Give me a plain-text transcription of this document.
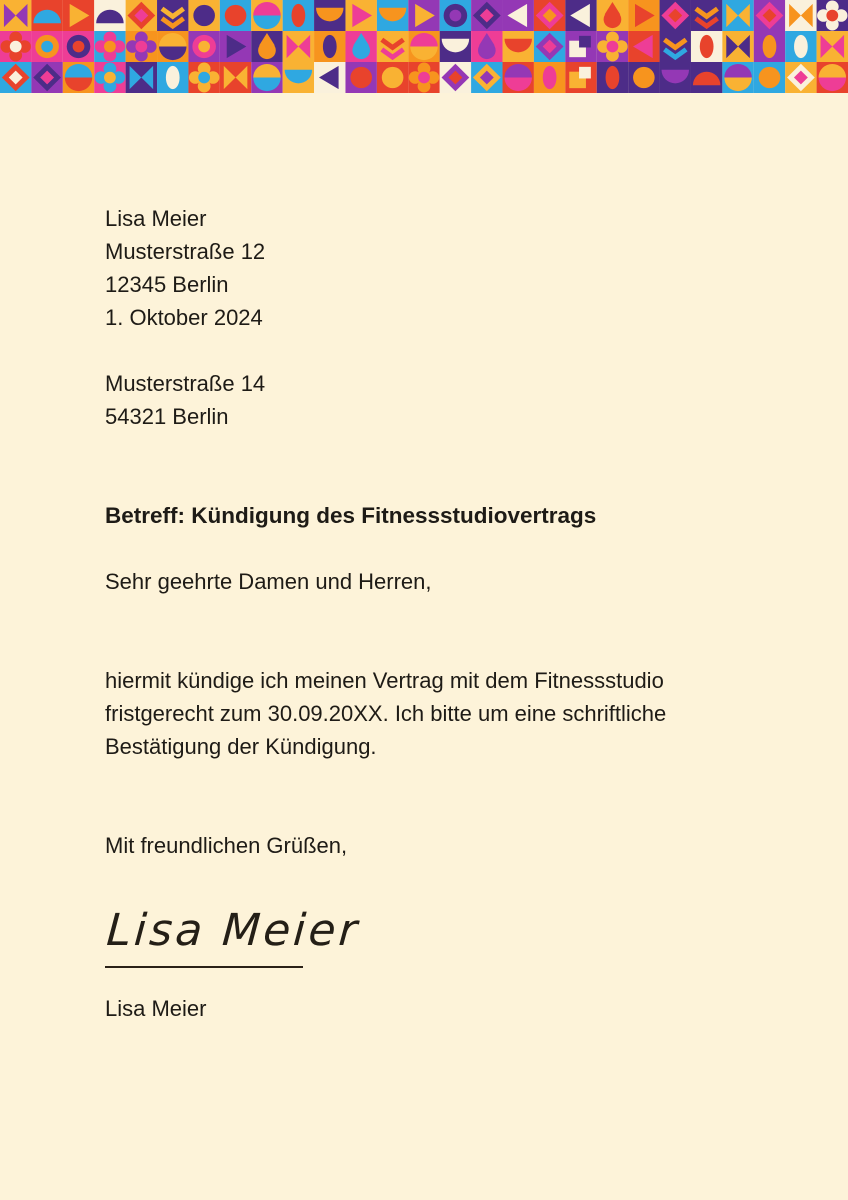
Lisa Meier
Musterstraße 12
12345 Berlin
1. Oktober 2024
Musterstraße 14
54321 Berlin
Betreff: Kündigung des Fitnessstudiovertrags
Sehr geehrte Damen und Herren,
hiermit kündige ich meinen Vertrag mit dem Fitnessstudio fristgerecht zum 30.09.20XX. Ich bitte um eine schriftliche Bestätigung der Kündigung.
Mit freundlichen Grüßen,
Lisa Meier
Lisa Meier
